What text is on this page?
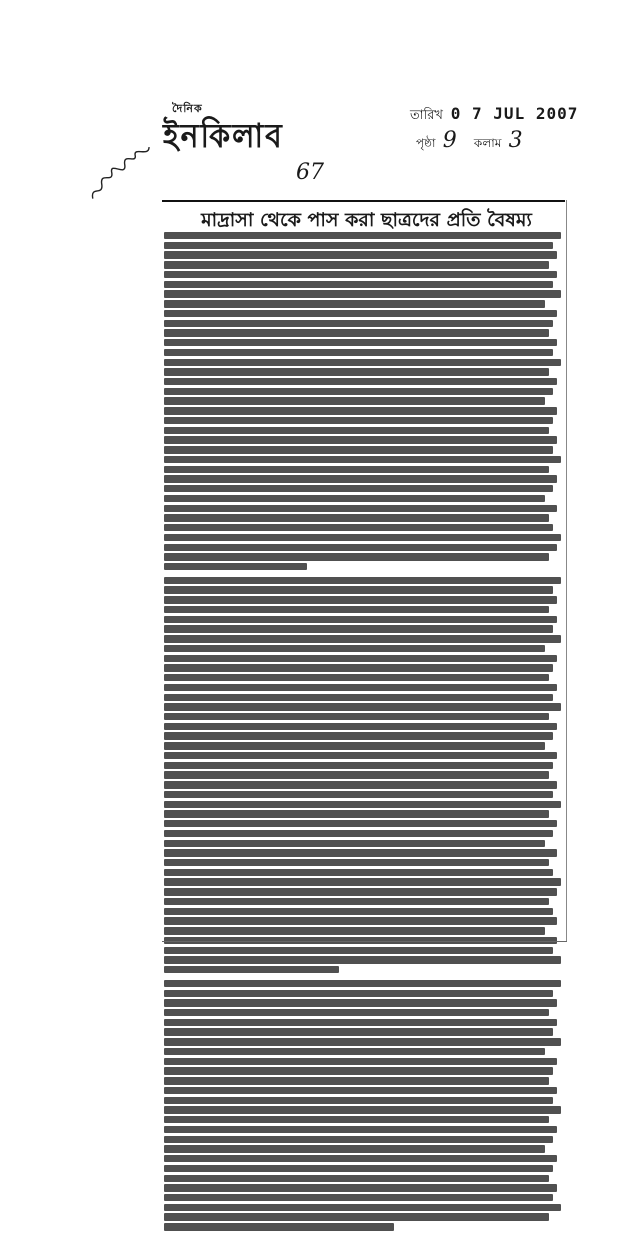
দৈনিক
ইনকিলাব
তারিখ 0 7 JUL 2007
পৃষ্ঠা 9 কলাম 3
67
মাদ্রাসা থেকে পাস করা ছাত্রদের প্রতি বৈষম্য
